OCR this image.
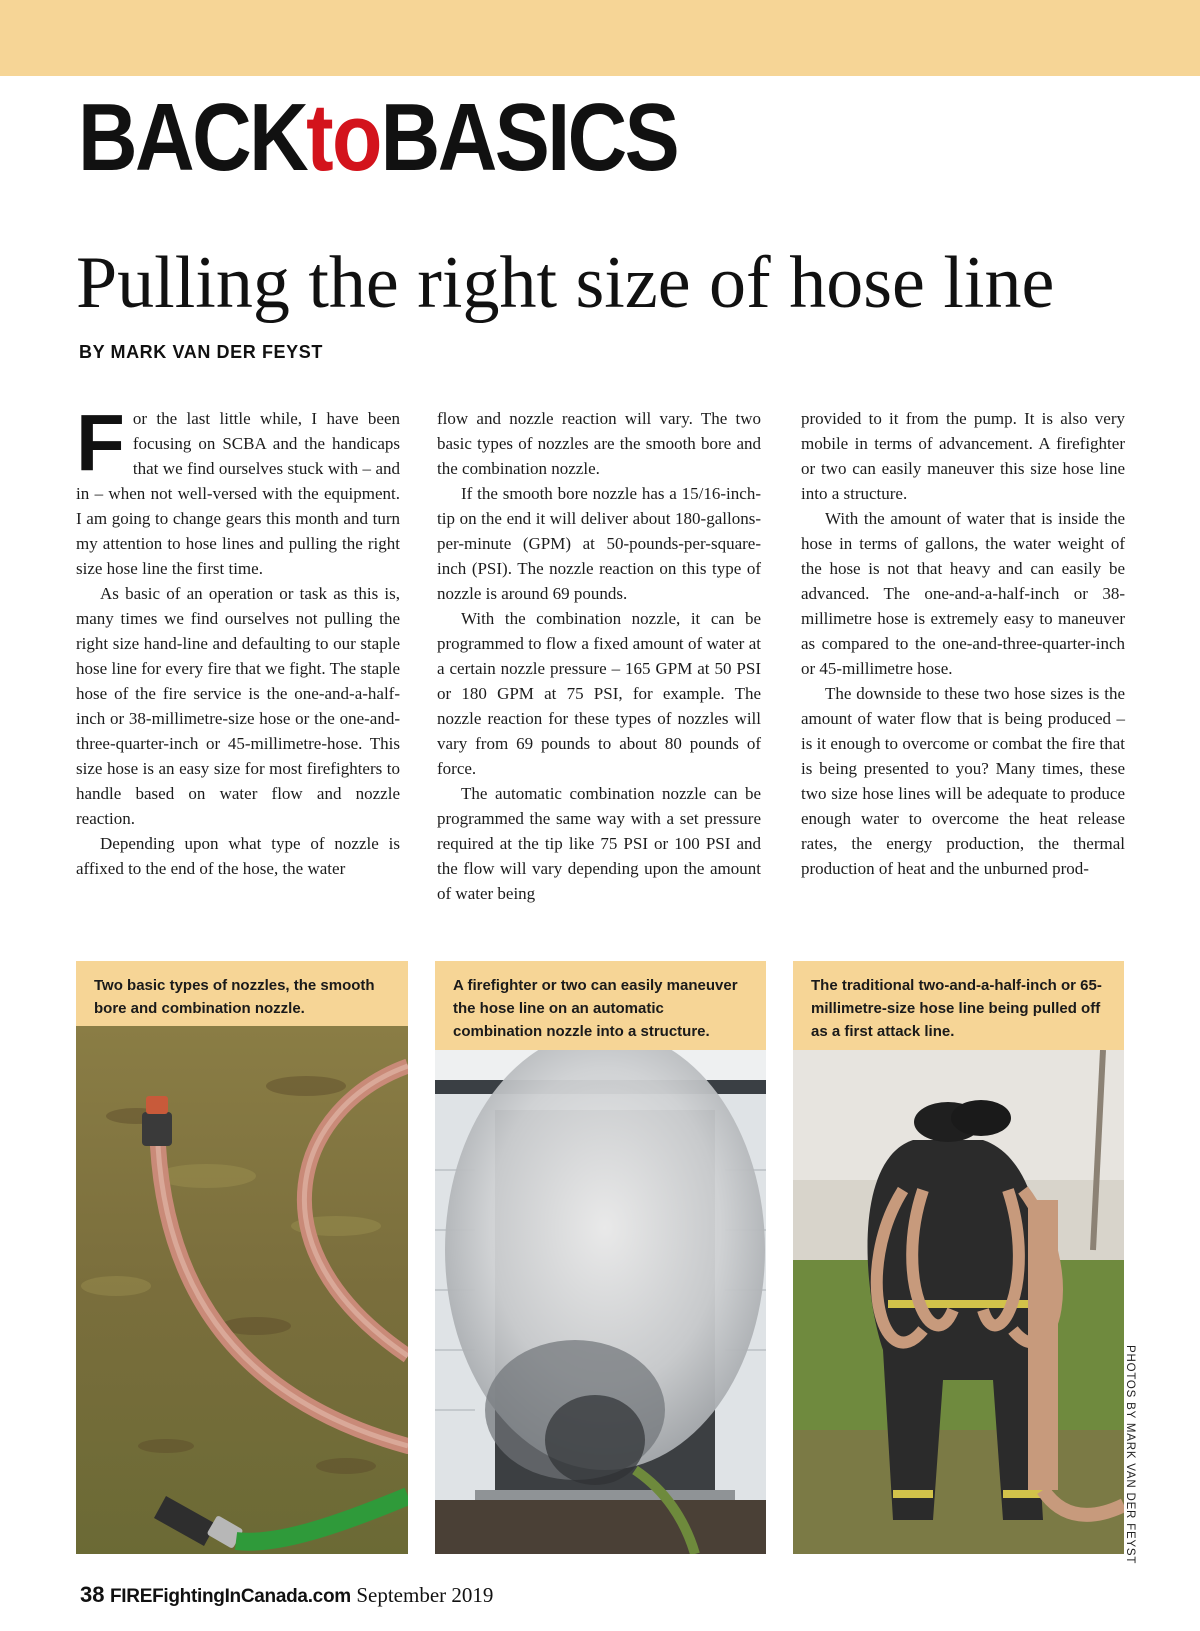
BACKtoBASICS
Pulling the right size of hose line
BY MARK VAN DER FEYST
F or the last little while, I have been focusing on SCBA and the handicaps that we find ourselves stuck with – and in – when not well-versed with the equipment. I am going to change gears this month and turn my attention to hose lines and pulling the right size hose line the first time.

As basic of an operation or task as this is, many times we find ourselves not pulling the right size hand-line and defaulting to our staple hose line for every fire that we fight. The staple hose of the fire service is the one-and-a-half-inch or 38-millimetre-size hose or the one-and-three-quarter-inch or 45-millimetre-hose. This size hose is an easy size for most firefighters to handle based on water flow and nozzle reaction.

Depending upon what type of nozzle is affixed to the end of the hose, the water

flow and nozzle reaction will vary. The two basic types of nozzles are the smooth bore and the combination nozzle.

If the smooth bore nozzle has a 15/16-inch-tip on the end it will deliver about 180-gallons-per-minute (GPM) at 50-pounds-per-square-inch (PSI). The nozzle reaction on this type of nozzle is around 69 pounds.

With the combination nozzle, it can be programmed to flow a fixed amount of water at a certain nozzle pressure – 165 GPM at 50 PSI or 180 GPM at 75 PSI, for example. The nozzle reaction for these types of nozzles will vary from 69 pounds to about 80 pounds of force.

The automatic combination nozzle can be programmed the same way with a set pressure required at the tip like 75 PSI or 100 PSI and the flow will vary depending upon the amount of water being

provided to it from the pump. It is also very mobile in terms of advancement. A firefighter or two can easily maneuver this size hose line into a structure.

With the amount of water that is inside the hose in terms of gallons, the water weight of the hose is not that heavy and can easily be advanced. The one-and-a-half-inch or 38-millimetre hose is extremely easy to maneuver as compared to the one-and-three-quarter-inch or 45-millimetre hose.

The downside to these two hose sizes is the amount of water flow that is being produced – is it enough to overcome or combat the fire that is being presented to you? Many times, these two size hose lines will be adequate to produce enough water to overcome the heat release rates, the energy production, the thermal production of heat and the unburned prod-

Two basic types of nozzles, the smooth bore and combination nozzle.
A firefighter or two can easily maneuver the hose line on an automatic combination nozzle into a structure.
The traditional two-and-a-half-inch or 65-millimetre-size hose line being pulled off as a first attack line.
PHOTOS BY MARK VAN DER FEYST
38 FIREFightingInCanada.com September 2019
